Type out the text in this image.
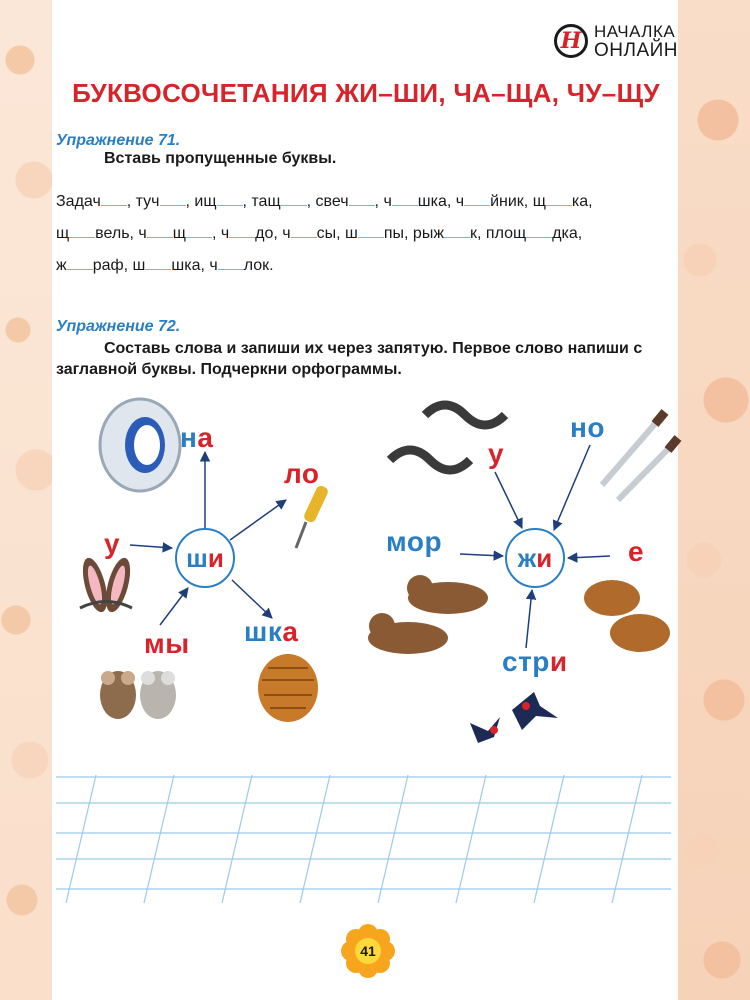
Н НАЧАЛКА
ОНЛАЙН
БУКВОСОЧЕТАНИЯ ЖИ–ШИ, ЧА–ЩА, ЧУ–ЩУ
Упражнение 71.
Вставь пропущенные буквы.
Задач , туч , ищ , тащ , свеч , ч шка, ч йник, щ ка,
щ вель, ч щ , ч до, ч сы, ш пы, рыж к, площ дка,
ж раф, ш шка, ч лок.
Упражнение 72.
Составь слова и запиши их через запятую. Первое слово напиши с заглавной буквы. Подчеркни орфограммы.
ш и
на
ло
у
мы шка
ж и
у
но
мор	е
стри
41
